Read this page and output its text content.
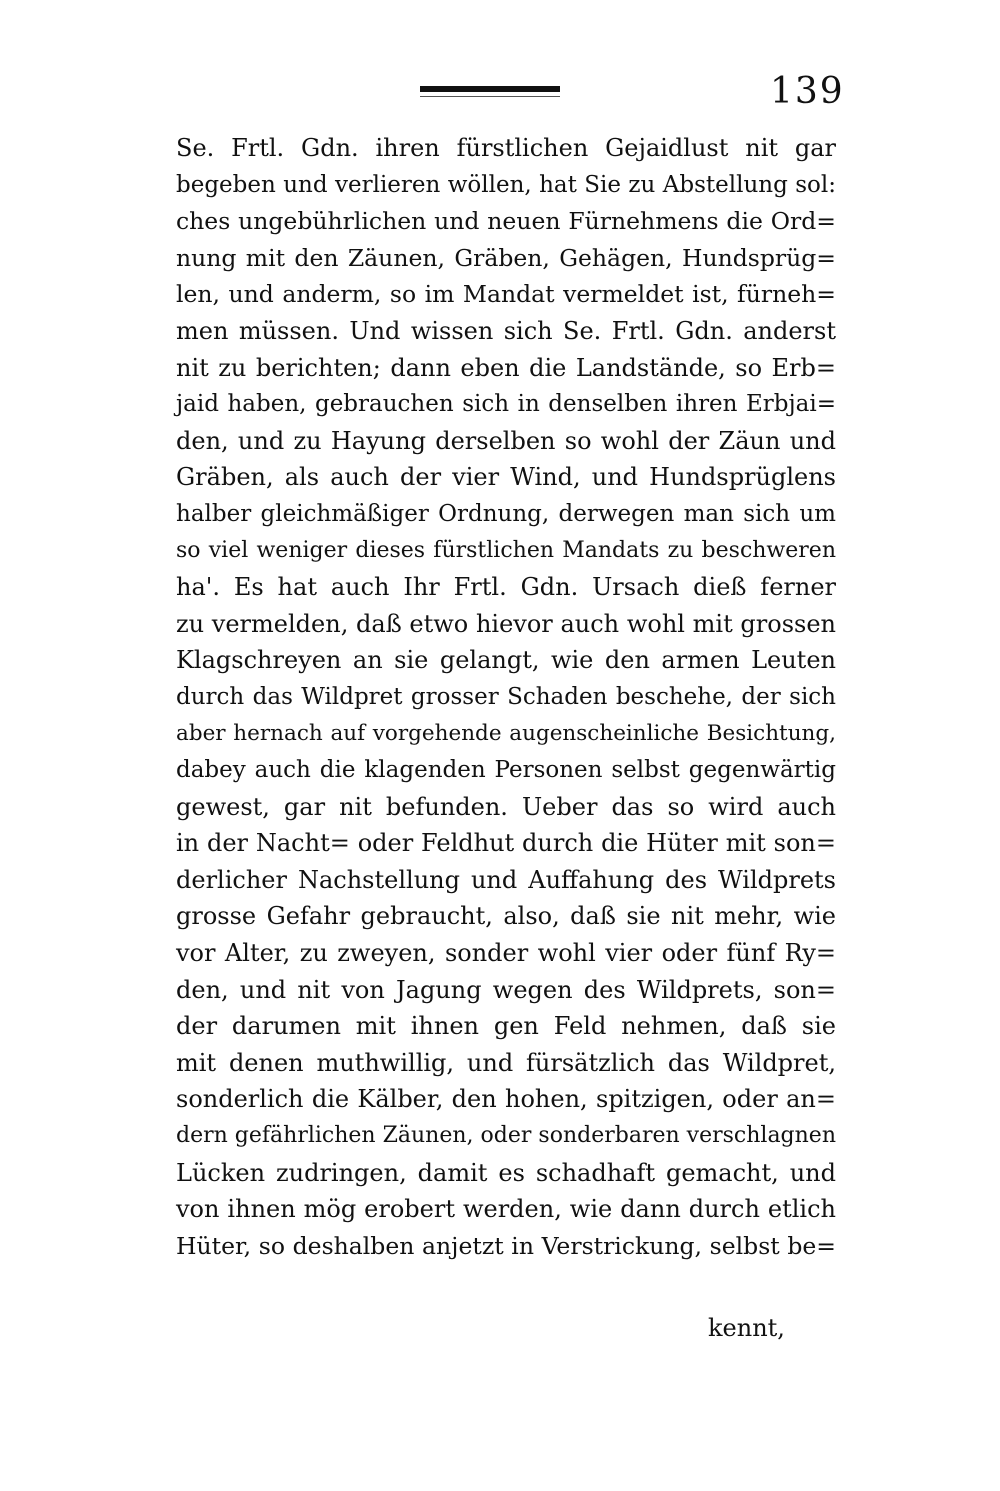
139
Se. Frtl. Gdn. ihren fürstlichen Gejaidlust nit gar
begeben und verlieren wöllen, hat Sie zu Abstellung sol:
ches ungebührlichen und neuen Fürnehmens die Ord=
nung mit den Zäunen, Gräben, Gehägen, Hundsprüg=
len, und anderm, so im Mandat vermeldet ist, fürneh=
men müssen. Und wissen sich Se. Frtl. Gdn. anderst
nit zu berichten; dann eben die Landstände, so Erb=
jaid haben, gebrauchen sich in denselben ihren Erbjai=
den, und zu Hayung derselben so wohl der Zäun und
Gräben, als auch der vier Wind, und Hundsprüglens
halber gleichmäßiger Ordnung, derwegen man sich um
so viel weniger dieses fürstlichen Mandats zu beschweren
ha'. Es hat auch Ihr Frtl. Gdn. Ursach dieß ferner
zu vermelden, daß etwo hievor auch wohl mit grossen
Klagschreyen an sie gelangt, wie den armen Leuten
durch das Wildpret grosser Schaden beschehe, der sich
aber hernach auf vorgehende augenscheinliche Besichtung,
dabey auch die klagenden Personen selbst gegenwärtig
gewest, gar nit befunden. Ueber das so wird auch
in der Nacht= oder Feldhut durch die Hüter mit son=
derlicher Nachstellung und Auffahung des Wildprets
grosse Gefahr gebraucht, also, daß sie nit mehr, wie
vor Alter, zu zweyen, sonder wohl vier oder fünf Ry=
den, und nit von Jagung wegen des Wildprets, son=
der darumen mit ihnen gen Feld nehmen, daß sie
mit denen muthwillig, und fürsätzlich das Wildpret,
sonderlich die Kälber, den hohen, spitzigen, oder an=
dern gefährlichen Zäunen, oder sonderbaren verschlagnen
Lücken zudringen, damit es schadhaft gemacht, und
von ihnen mög erobert werden, wie dann durch etlich
Hüter, so deshalben anjetzt in Verstrickung, selbst be=
kennt,
